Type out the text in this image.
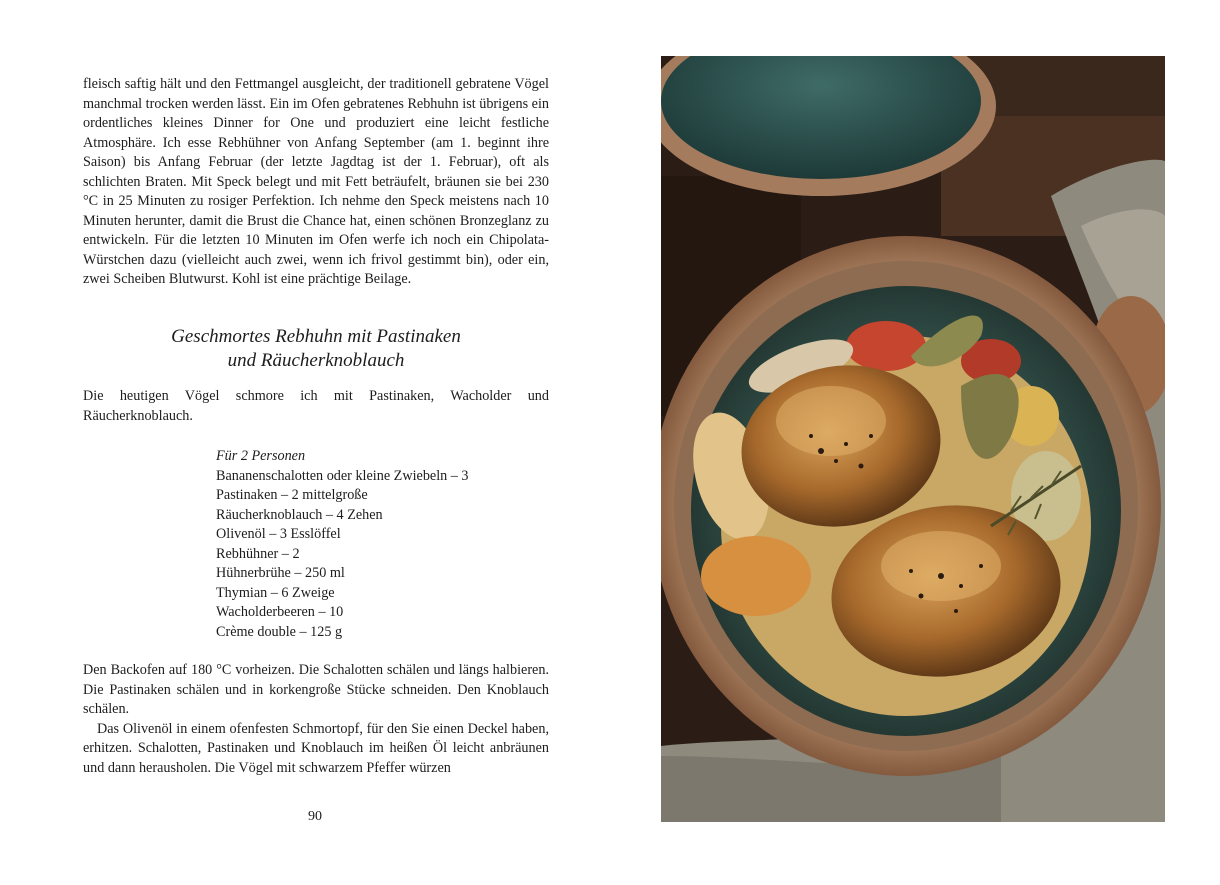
fleisch saftig hält und den Fettmangel ausgleicht, der traditionell gebratene Vögel manchmal trocken werden lässt. Ein im Ofen gebratenes Rebhuhn ist übrigens ein ordentliches kleines Dinner for One und produziert eine leicht festliche Atmosphäre. Ich esse Rebhühner von Anfang September (am 1. beginnt ihre Saison) bis Anfang Februar (der letzte Jagdtag ist der 1. Februar), oft als schlichten Braten. Mit Speck belegt und mit Fett beträufelt, bräunen sie bei 230 °C in 25 Minuten zu rosiger Perfektion. Ich nehme den Speck meistens nach 10 Minuten herunter, damit die Brust die Chance hat, einen schönen Bronzeglanz zu entwickeln. Für die letzten 10 Minuten im Ofen werfe ich noch ein Chipolata-Würstchen dazu (vielleicht auch zwei, wenn ich frivol gestimmt bin), oder ein, zwei Scheiben Blutwurst. Kohl ist eine prächtige Beilage.

Geschmortes Rebhuhn mit Pastinaken
und Räucherknoblauch

Die heutigen Vögel schmore ich mit Pastinaken, Wacholder und Räucherknoblauch.

Für 2 Personen
Bananenschalotten oder kleine Zwiebeln – 3
Pastinaken – 2 mittelgroße
Räucherknoblauch – 4 Zehen
Olivenöl – 3 Esslöffel
Rebhühner – 2
Hühnerbrühe – 250 ml
Thymian – 6 Zweige
Wacholderbeeren – 10
Crème double – 125 g

Den Backofen auf 180 °C vorheizen. Die Schalotten schälen und längs halbieren. Die Pastinaken schälen und in korkengroße Stücke schneiden. Den Knoblauch schälen.

Das Olivenöl in einem ofenfesten Schmortopf, für den Sie einen Deckel haben, erhitzen. Schalotten, Pastinaken und Knoblauch im heißen Öl leicht anbräunen und dann herausholen. Die Vögel mit schwarzem Pfeffer würzen

90
